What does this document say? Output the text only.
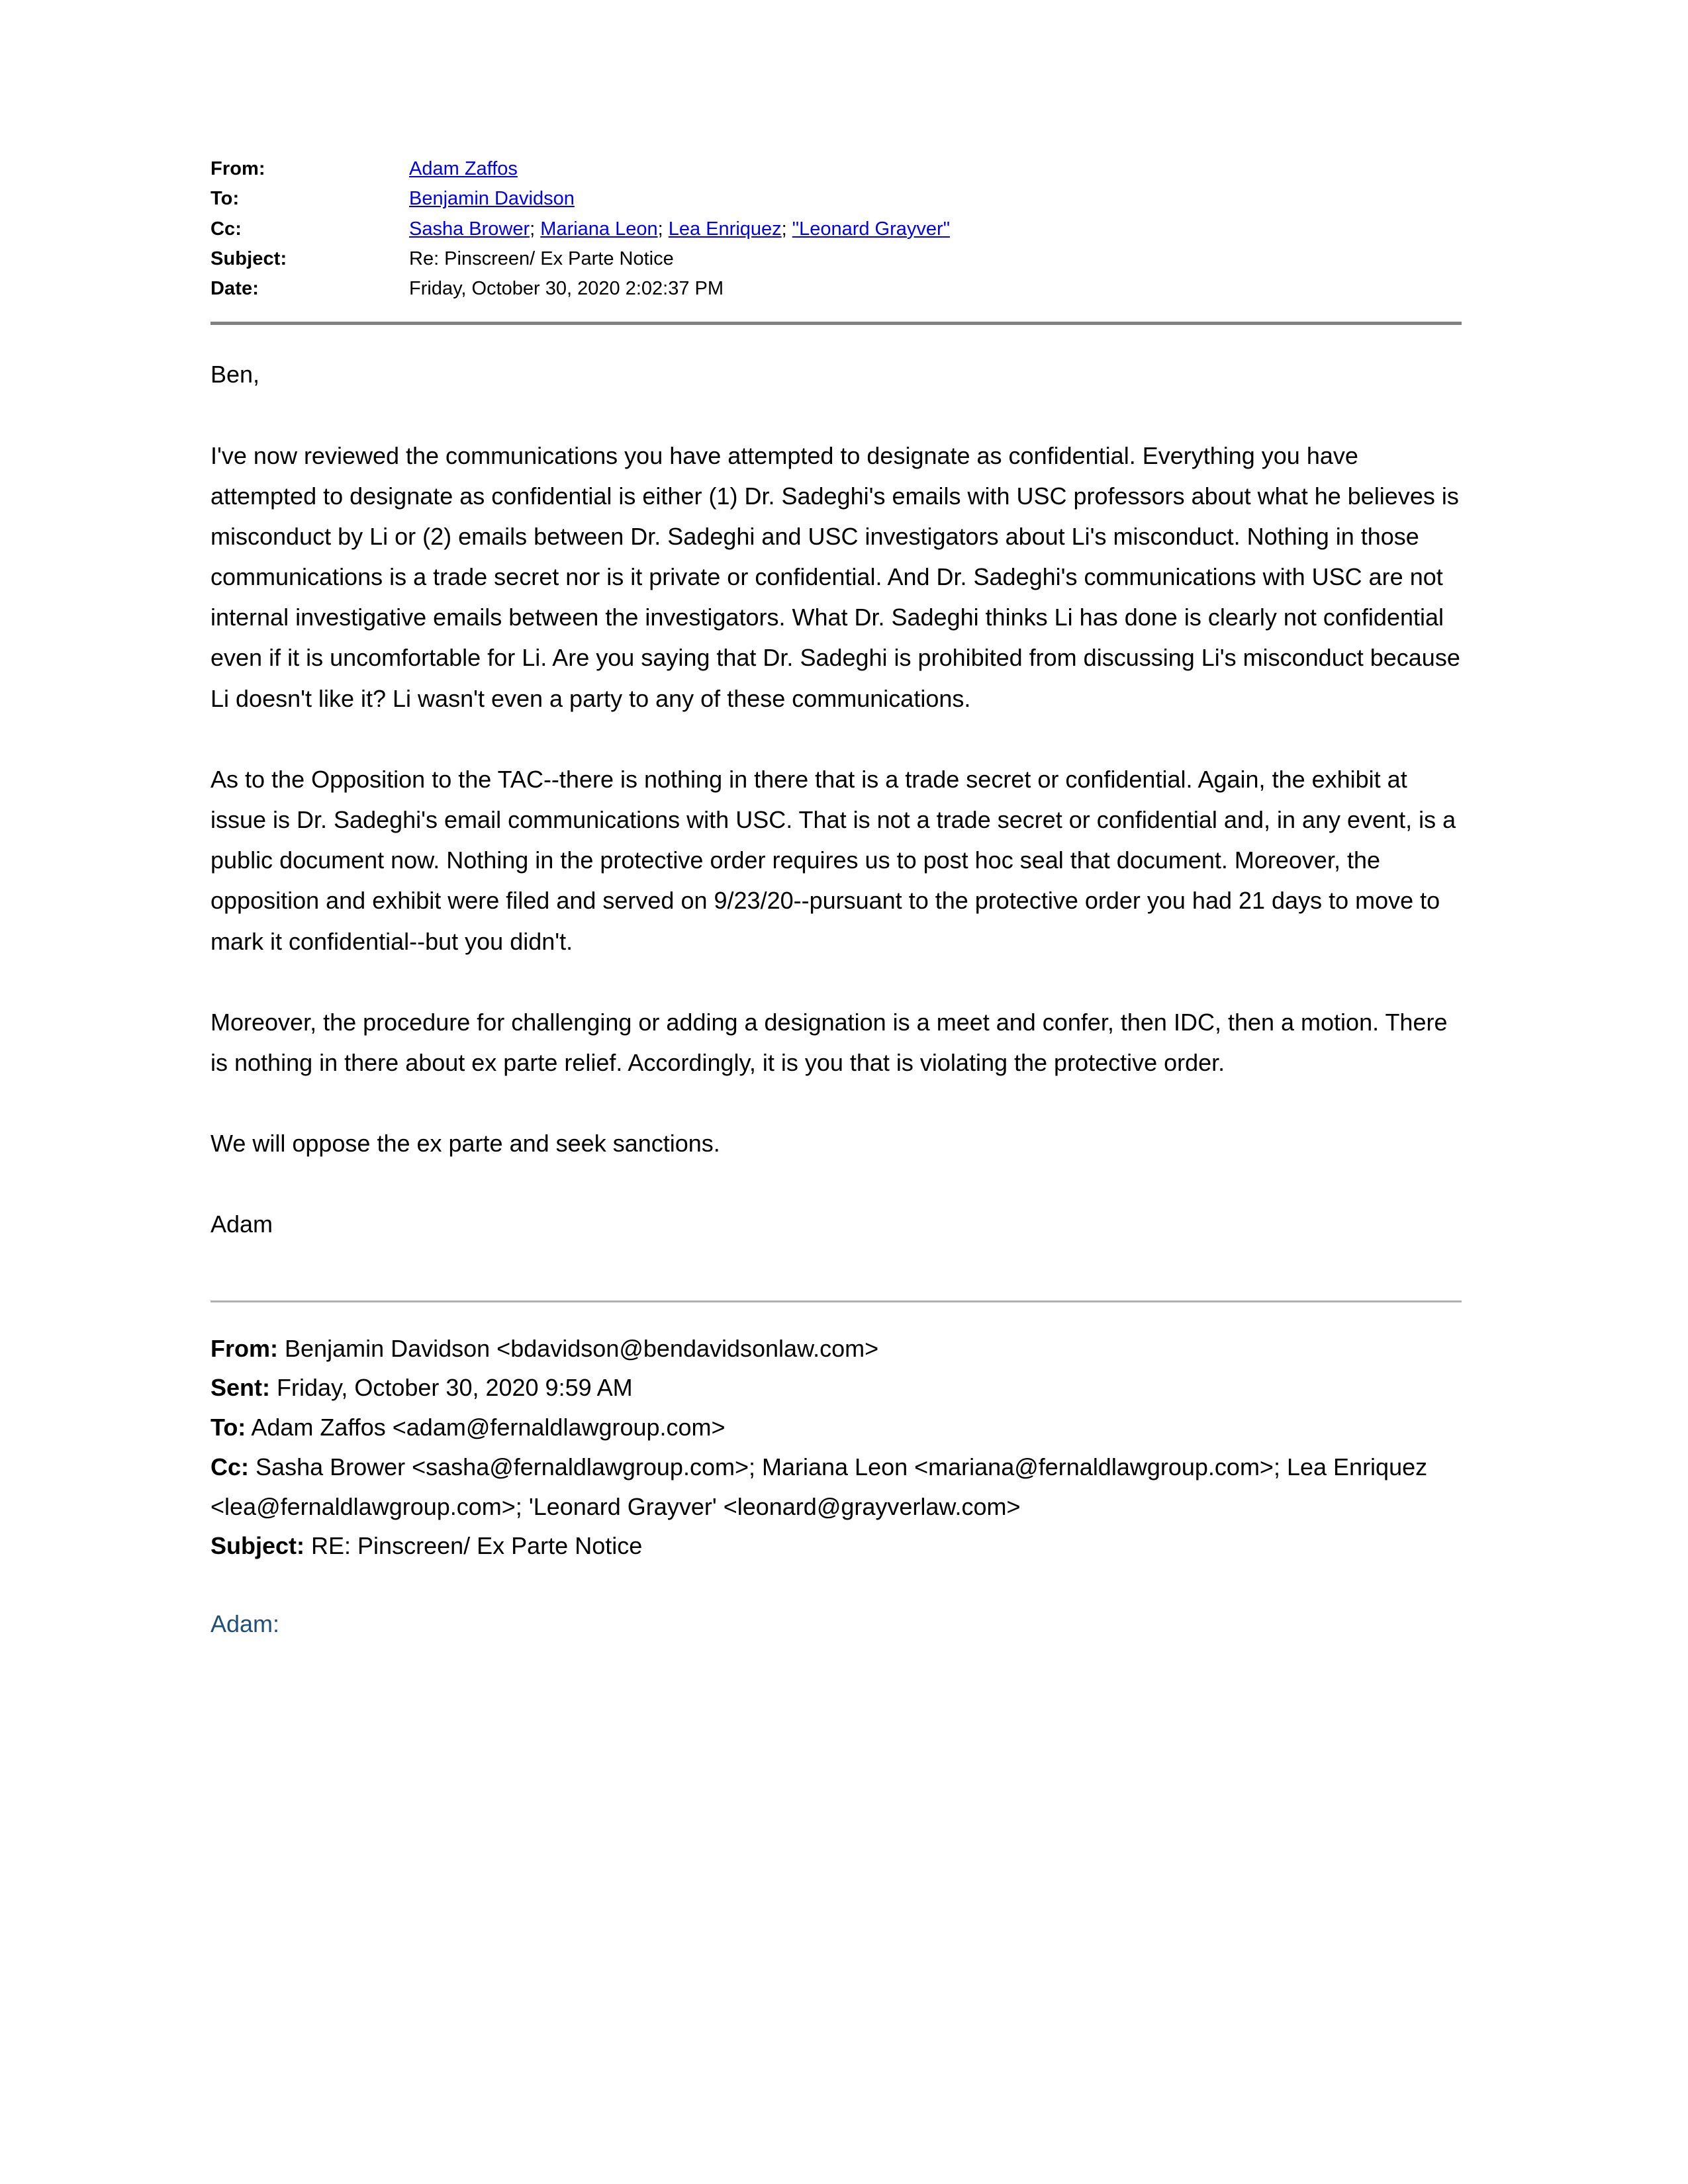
From:	Adam Zaffos
To:	Benjamin Davidson
Cc:	Sasha Brower; Mariana Leon; Lea Enriquez; "Leonard Grayver"
Subject:	Re: Pinscreen/ Ex Parte Notice
Date:	Friday, October 30, 2020 2:02:37 PM

Ben,

I've now reviewed the communications you have attempted to designate as confidential. Everything you have attempted to designate as confidential is either (1) Dr. Sadeghi's emails with USC professors about what he believes is misconduct by Li or (2) emails between Dr. Sadeghi and USC investigators about Li's misconduct. Nothing in those communications is a trade secret nor is it private or confidential. And Dr. Sadeghi's communications with USC are not internal investigative emails between the investigators. What Dr. Sadeghi thinks Li has done is clearly not confidential even if it is uncomfortable for Li. Are you saying that Dr. Sadeghi is prohibited from discussing Li's misconduct because Li doesn't like it? Li wasn't even a party to any of these communications.

As to the Opposition to the TAC--there is nothing in there that is a trade secret or confidential. Again, the exhibit at issue is Dr. Sadeghi's email communications with USC. That is not a trade secret or confidential and, in any event, is a public document now. Nothing in the protective order requires us to post hoc seal that document. Moreover, the opposition and exhibit were filed and served on 9/23/20--pursuant to the protective order you had 21 days to move to mark it confidential--but you didn't.

Moreover, the procedure for challenging or adding a designation is a meet and confer, then IDC, then a motion. There is nothing in there about ex parte relief. Accordingly, it is you that is violating the protective order.

We will oppose the ex parte and seek sanctions.

Adam

From: Benjamin Davidson <bdavidson@bendavidsonlaw.com>

Sent: Friday, October 30, 2020 9:59 AM

To: Adam Zaffos <adam@fernaldlawgroup.com>

Cc: Sasha Brower <sasha@fernaldlawgroup.com>; Mariana Leon <mariana@fernaldlawgroup.com>; Lea Enriquez <lea@fernaldlawgroup.com>; 'Leonard Grayver' <leonard@grayverlaw.com>

Subject: RE: Pinscreen/ Ex Parte Notice

Adam:
